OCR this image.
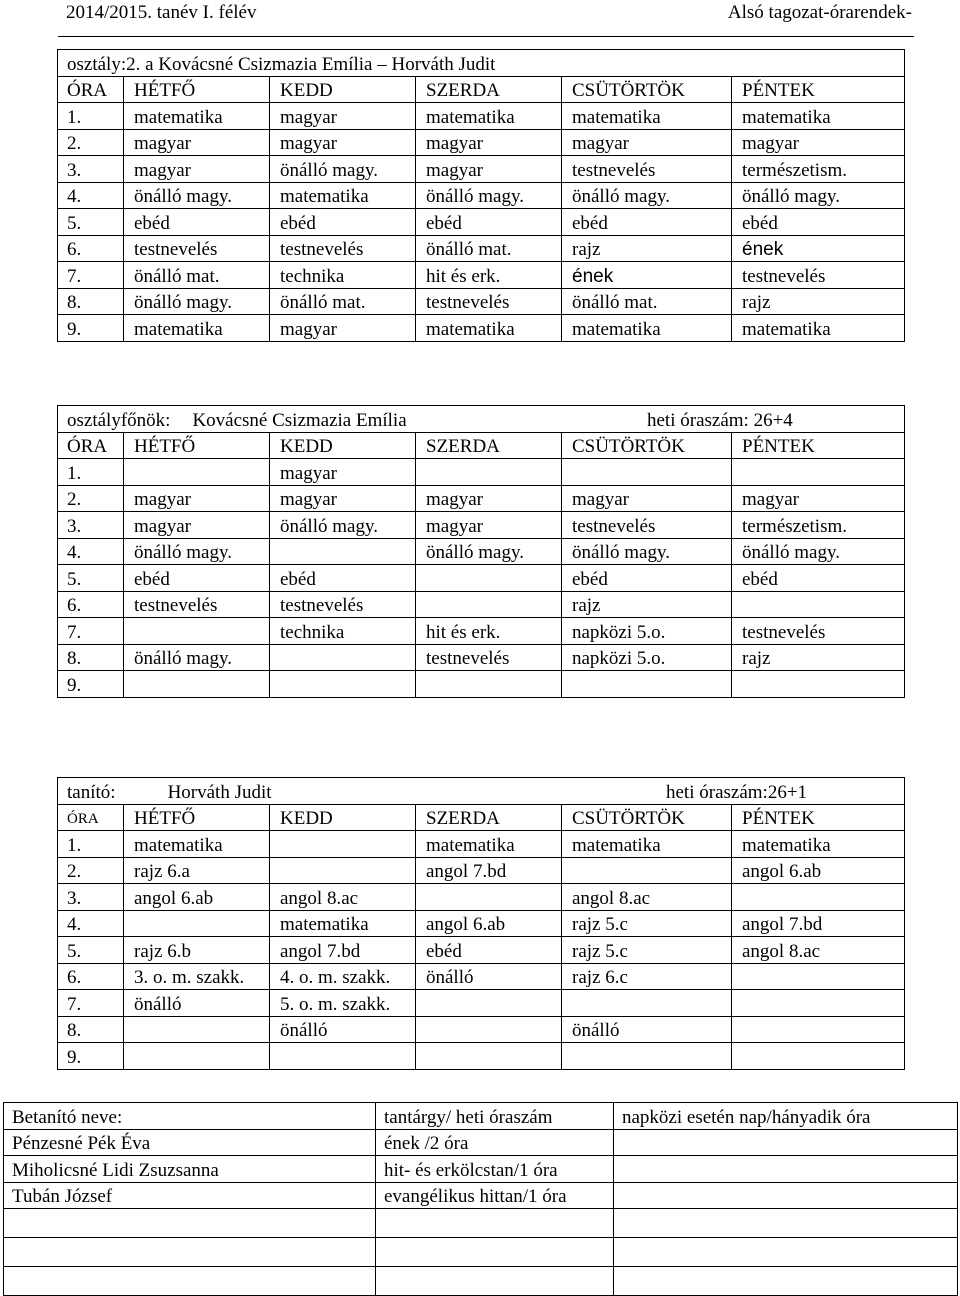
2014/2015. tanév I. félév	Alsó tagozat-órarendek-
osztály:2. a Kovácsné Csizmazia Emília – Horváth Judit					
ÓRA	HÉTFŐ	KEDD	SZERDA	CSÜTÖRTÖK	PÉNTEK
1.	matematika	magyar	matematika	matematika	matematika
2.	magyar	magyar	magyar	magyar	magyar
3.	magyar	önálló magy.	magyar	testnevelés	természetism.
4.	önálló magy.	matematika	önálló magy.	önálló magy.	önálló magy.
5.	ebéd	ebéd	ebéd	ebéd	ebéd
6.	testnevelés	testnevelés	önálló mat.	rajz	ének
7.	önálló mat.	technika	hit és erk.	ének	testnevelés
8.	önálló magy.	önálló mat.	testnevelés	önálló mat.	rajz
9.	matematika	magyar	matematika	matematika	matematika
osztályfőnök: Kovácsné Csizmazia Emília heti óraszám: 26+4					

ÓRA	HÉTFŐ	KEDD	SZERDA	CSÜTÖRTÖK	PÉNTEK
1.		magyar			
2.	magyar	magyar	magyar	magyar	magyar
3.	magyar	önálló magy.	magyar	testnevelés	természetism.
4.	önálló magy.		önálló magy.	önálló magy.	önálló magy.
5.	ebéd	ebéd		ebéd	ebéd
6.	testnevelés	testnevelés		rajz	
7.		technika	hit és erk.	napközi 5.o.	testnevelés
8.	önálló magy.		testnevelés	napközi 5.o.	rajz
9.					
tanító: Horváth Judit heti óraszám:26+1					

ÓRA	HÉTFŐ	KEDD	SZERDA	CSÜTÖRTÖK	PÉNTEK
1.	matematika		matematika	matematika	matematika
2.	rajz 6.a		angol 7.bd		angol 6.ab
3.	angol 6.ab	angol 8.ac		angol 8.ac	
4.		matematika	angol 6.ab	rajz 5.c	angol 7.bd
5.	rajz 6.b	angol 7.bd	ebéd	rajz 5.c	angol 8.ac
6.	3. o. m. szakk.	4. o. m. szakk.	önálló	rajz 6.c	
7.	önálló	5. o. m. szakk.			
8.		önálló		önálló	
9.					
Betanító neve:	tantárgy/ heti óraszám	napközi esetén nap/hányadik óra
Pénzesné Pék Éva	ének /2 óra	
Miholicsné Lidi Zsuzsanna	hit- és erkölcstan/1 óra	
Tubán József	evangélikus hittan/1 óra	
